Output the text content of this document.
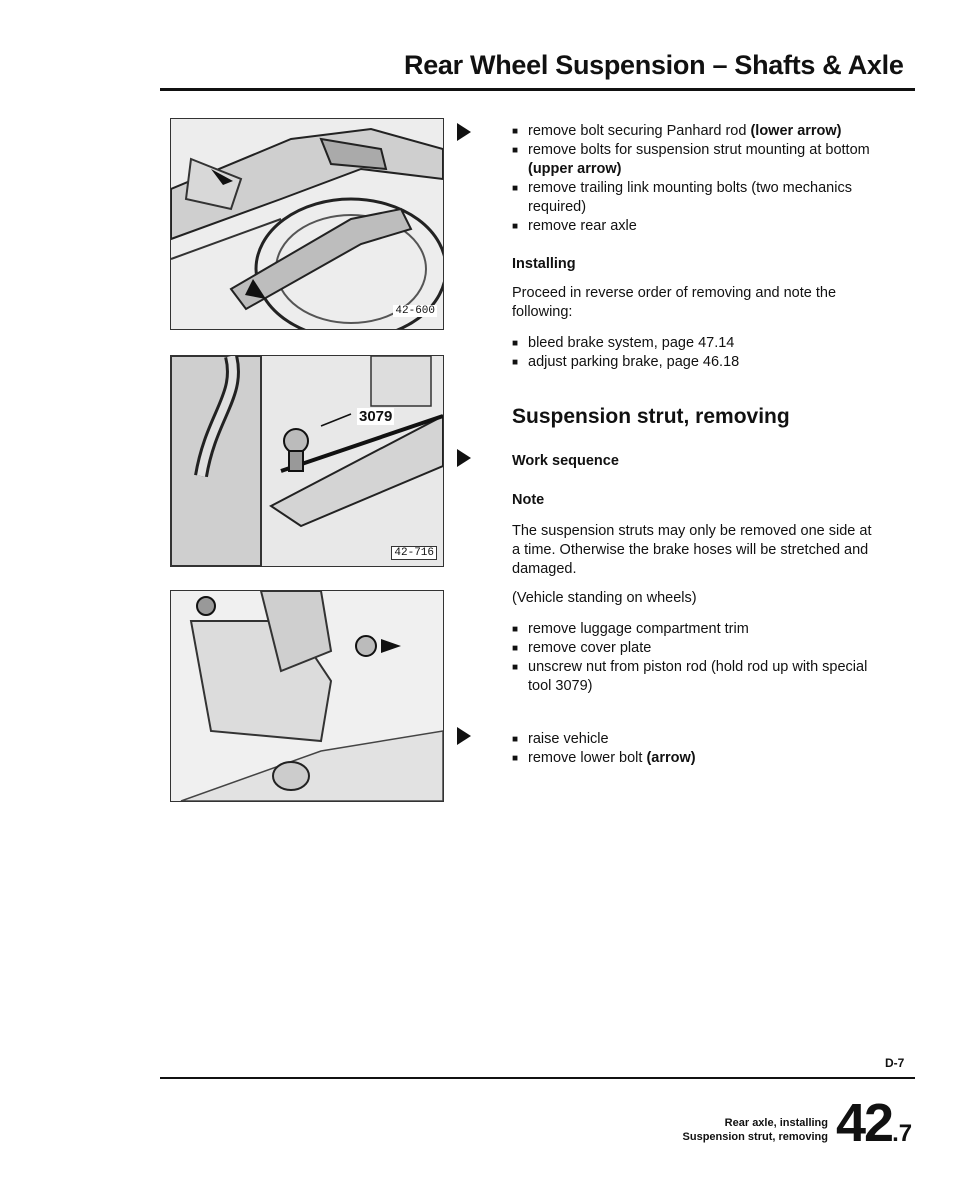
Rear Wheel Suspension – Shafts & Axle
42-600
3079
42-716
■ remove bolt securing Panhard rod (lower arrow)
■ remove bolts for suspension strut mounting at bottom (upper arrow)
■ remove trailing link mounting bolts (two mechanics required)
■ remove rear axle
Installing
Proceed in reverse order of removing and note the following:
■ bleed brake system, page 47.14
■ adjust parking brake, page 46.18
Suspension strut, removing
Work sequence
Note
The suspension struts may only be removed one side at a time. Otherwise the brake hoses will be stretched and damaged.
(Vehicle standing on wheels)
■ remove luggage compartment trim
■ remove cover plate
■ unscrew nut from piston rod (hold rod up with special tool 3079)
■ raise vehicle
■ remove lower bolt (arrow)
D-7
Rear axle, installing
Suspension strut, removing 42.7
